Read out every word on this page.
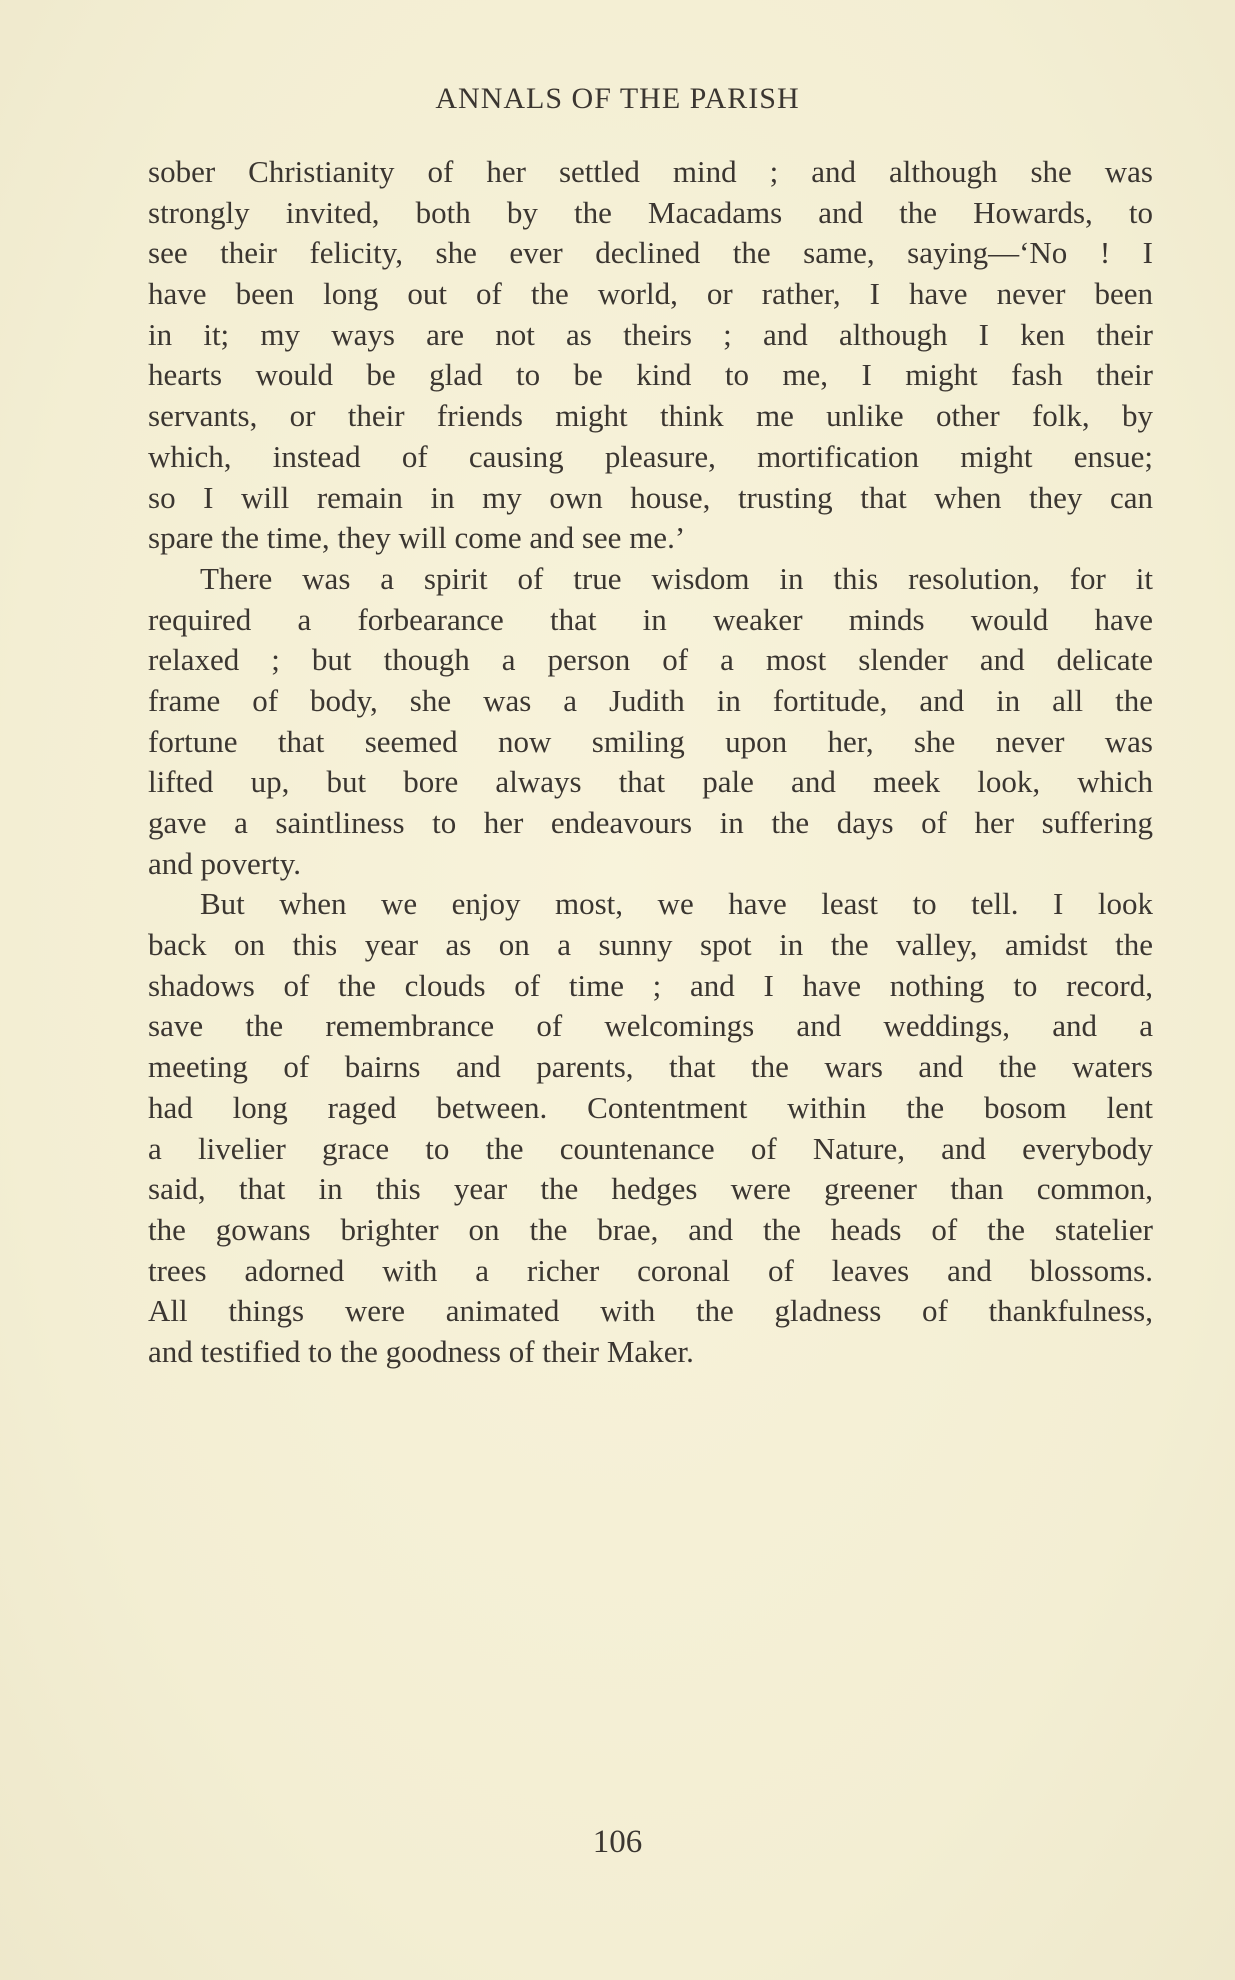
ANNALS OF THE PARISH
sober Christianity of her settled mind ; and although she was
strongly invited, both by the Macadams and the Howards, to
see their felicity, she ever declined the same, saying—‘No ! I
have been long out of the world, or rather, I have never been
in it; my ways are not as theirs ; and although I ken their
hearts would be glad to be kind to me, I might fash their
servants, or their friends might think me unlike other folk, by
which, instead of causing pleasure, mortification might ensue;
so I will remain in my own house, trusting that when they can
spare the time, they will come and see me.’
There was a spirit of true wisdom in this resolution, for it
required a forbearance that in weaker minds would have
relaxed ; but though a person of a most slender and delicate
frame of body, she was a Judith in fortitude, and in all the
fortune that seemed now smiling upon her, she never was
lifted up, but bore always that pale and meek look, which
gave a saintliness to her endeavours in the days of her suffering
and poverty.
But when we enjoy most, we have least to tell. I look
back on this year as on a sunny spot in the valley, amidst the
shadows of the clouds of time ; and I have nothing to record,
save the remembrance of welcomings and weddings, and a
meeting of bairns and parents, that the wars and the waters
had long raged between. Contentment within the bosom lent
a livelier grace to the countenance of Nature, and everybody
said, that in this year the hedges were greener than common,
the gowans brighter on the brae, and the heads of the statelier
trees adorned with a richer coronal of leaves and blossoms.
All things were animated with the gladness of thankfulness,
and testified to the goodness of their Maker.
106
